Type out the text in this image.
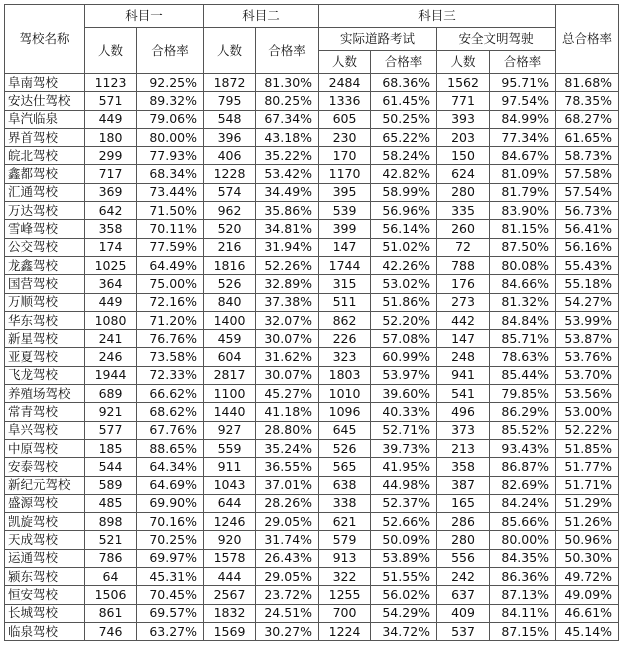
驾校名称	科目一		科目二		科目三				总合格率
	人数	合格率	人数	合格率	实际道路考试		安全文明驾驶		
					人数	合格率	人数	合格率	
阜南驾校	1123	92.25%	1872	81.30%	2484	68.36%	1562	95.71%	81.68%
安达仕驾校	571	89.32%	795	80.25%	1336	61.45%	771	97.54%	78.35%
阜汽临泉	449	79.06%	548	67.34%	605	50.25%	393	84.99%	68.27%
界首驾校	180	80.00%	396	43.18%	230	65.22%	203	77.34%	61.65%
皖北驾校	299	77.93%	406	35.22%	170	58.24%	150	84.67%	58.73%
鑫都驾校	717	68.34%	1228	53.42%	1170	42.82%	624	81.09%	57.58%
汇通驾校	369	73.44%	574	34.49%	395	58.99%	280	81.79%	57.54%
万达驾校	642	71.50%	962	35.86%	539	56.96%	335	83.90%	56.73%
雪峰驾校	358	70.11%	520	34.81%	399	56.14%	260	81.15%	56.41%
公交驾校	174	77.59%	216	31.94%	147	51.02%	72	87.50%	56.16%
龙鑫驾校	1025	64.49%	1816	52.26%	1744	42.26%	788	80.08%	55.43%
国营驾校	364	75.00%	526	32.89%	315	53.02%	176	84.66%	55.18%
万顺驾校	449	72.16%	840	37.38%	511	51.86%	273	81.32%	54.27%
华东驾校	1080	71.20%	1400	32.07%	862	52.20%	442	84.84%	53.99%
新星驾校	241	76.76%	459	30.07%	226	57.08%	147	85.71%	53.87%
亚夏驾校	246	73.58%	604	31.62%	323	60.99%	248	78.63%	53.76%
飞龙驾校	1944	72.33%	2817	30.07%	1803	53.97%	941	85.44%	53.70%
养殖场驾校	689	66.62%	1100	45.27%	1010	39.60%	541	79.85%	53.56%
常青驾校	921	68.62%	1440	41.18%	1096	40.33%	496	86.29%	53.00%
阜兴驾校	577	67.76%	927	28.80%	645	52.71%	373	85.52%	52.22%
中原驾校	185	88.65%	559	35.24%	526	39.73%	213	93.43%	51.85%
安泰驾校	544	64.34%	911	36.55%	565	41.95%	358	86.87%	51.77%
新纪元驾校	589	64.69%	1043	37.01%	638	44.98%	387	82.69%	51.71%
盛源驾校	485	69.90%	644	28.26%	338	52.37%	165	84.24%	51.29%
凯旋驾校	898	70.16%	1246	29.05%	621	52.66%	286	85.66%	51.26%
天成驾校	521	70.25%	920	31.74%	579	50.09%	280	80.00%	50.96%
运通驾校	786	69.97%	1578	26.43%	913	53.89%	556	84.35%	50.30%
颍东驾校	64	45.31%	444	29.05%	322	51.55%	242	86.36%	49.72%
恒安驾校	1506	70.45%	2567	23.72%	1255	56.02%	637	87.13%	49.09%
长城驾校	861	69.57%	1832	24.51%	700	54.29%	409	84.11%	46.61%
临泉驾校	746	63.27%	1569	30.27%	1224	34.72%	537	87.15%	45.14%
